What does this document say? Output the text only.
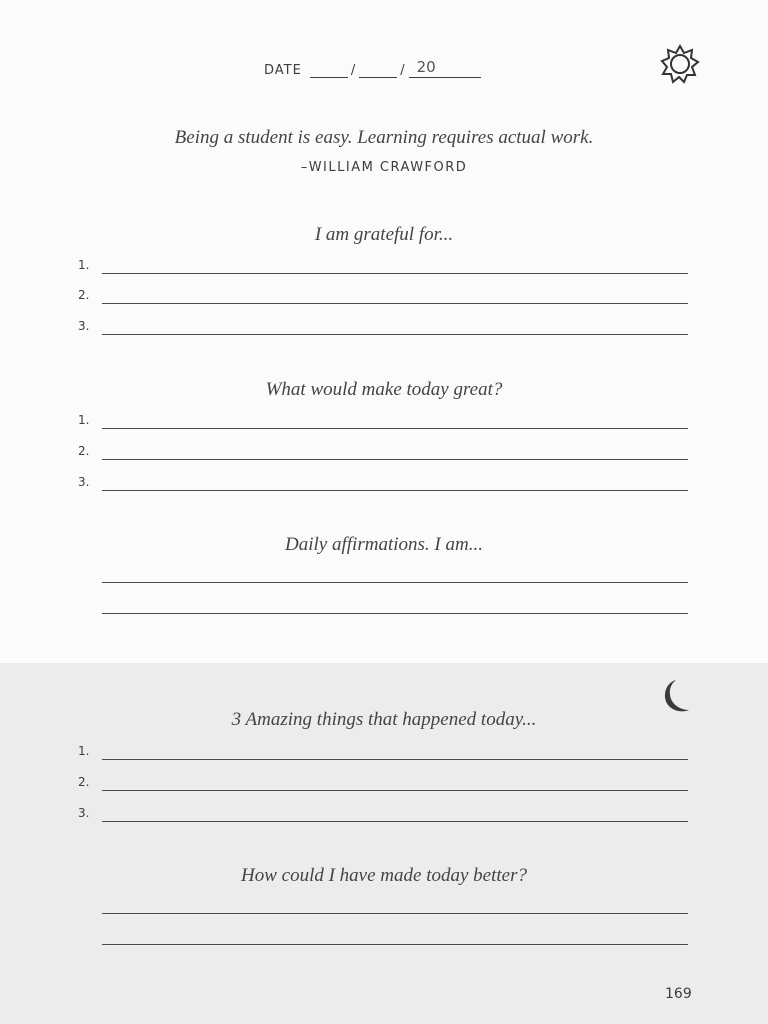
DATE	/	/ 20
Being a student is easy. Learning requires actual work.
–WILLIAM CRAWFORD
I am grateful for...
1.
2.
3.
What would make today great?
1.
2.
3.
Daily affirmations. I am...
3 Amazing things that happened today...
1.
2.
3.
How could I have made today better?
169
